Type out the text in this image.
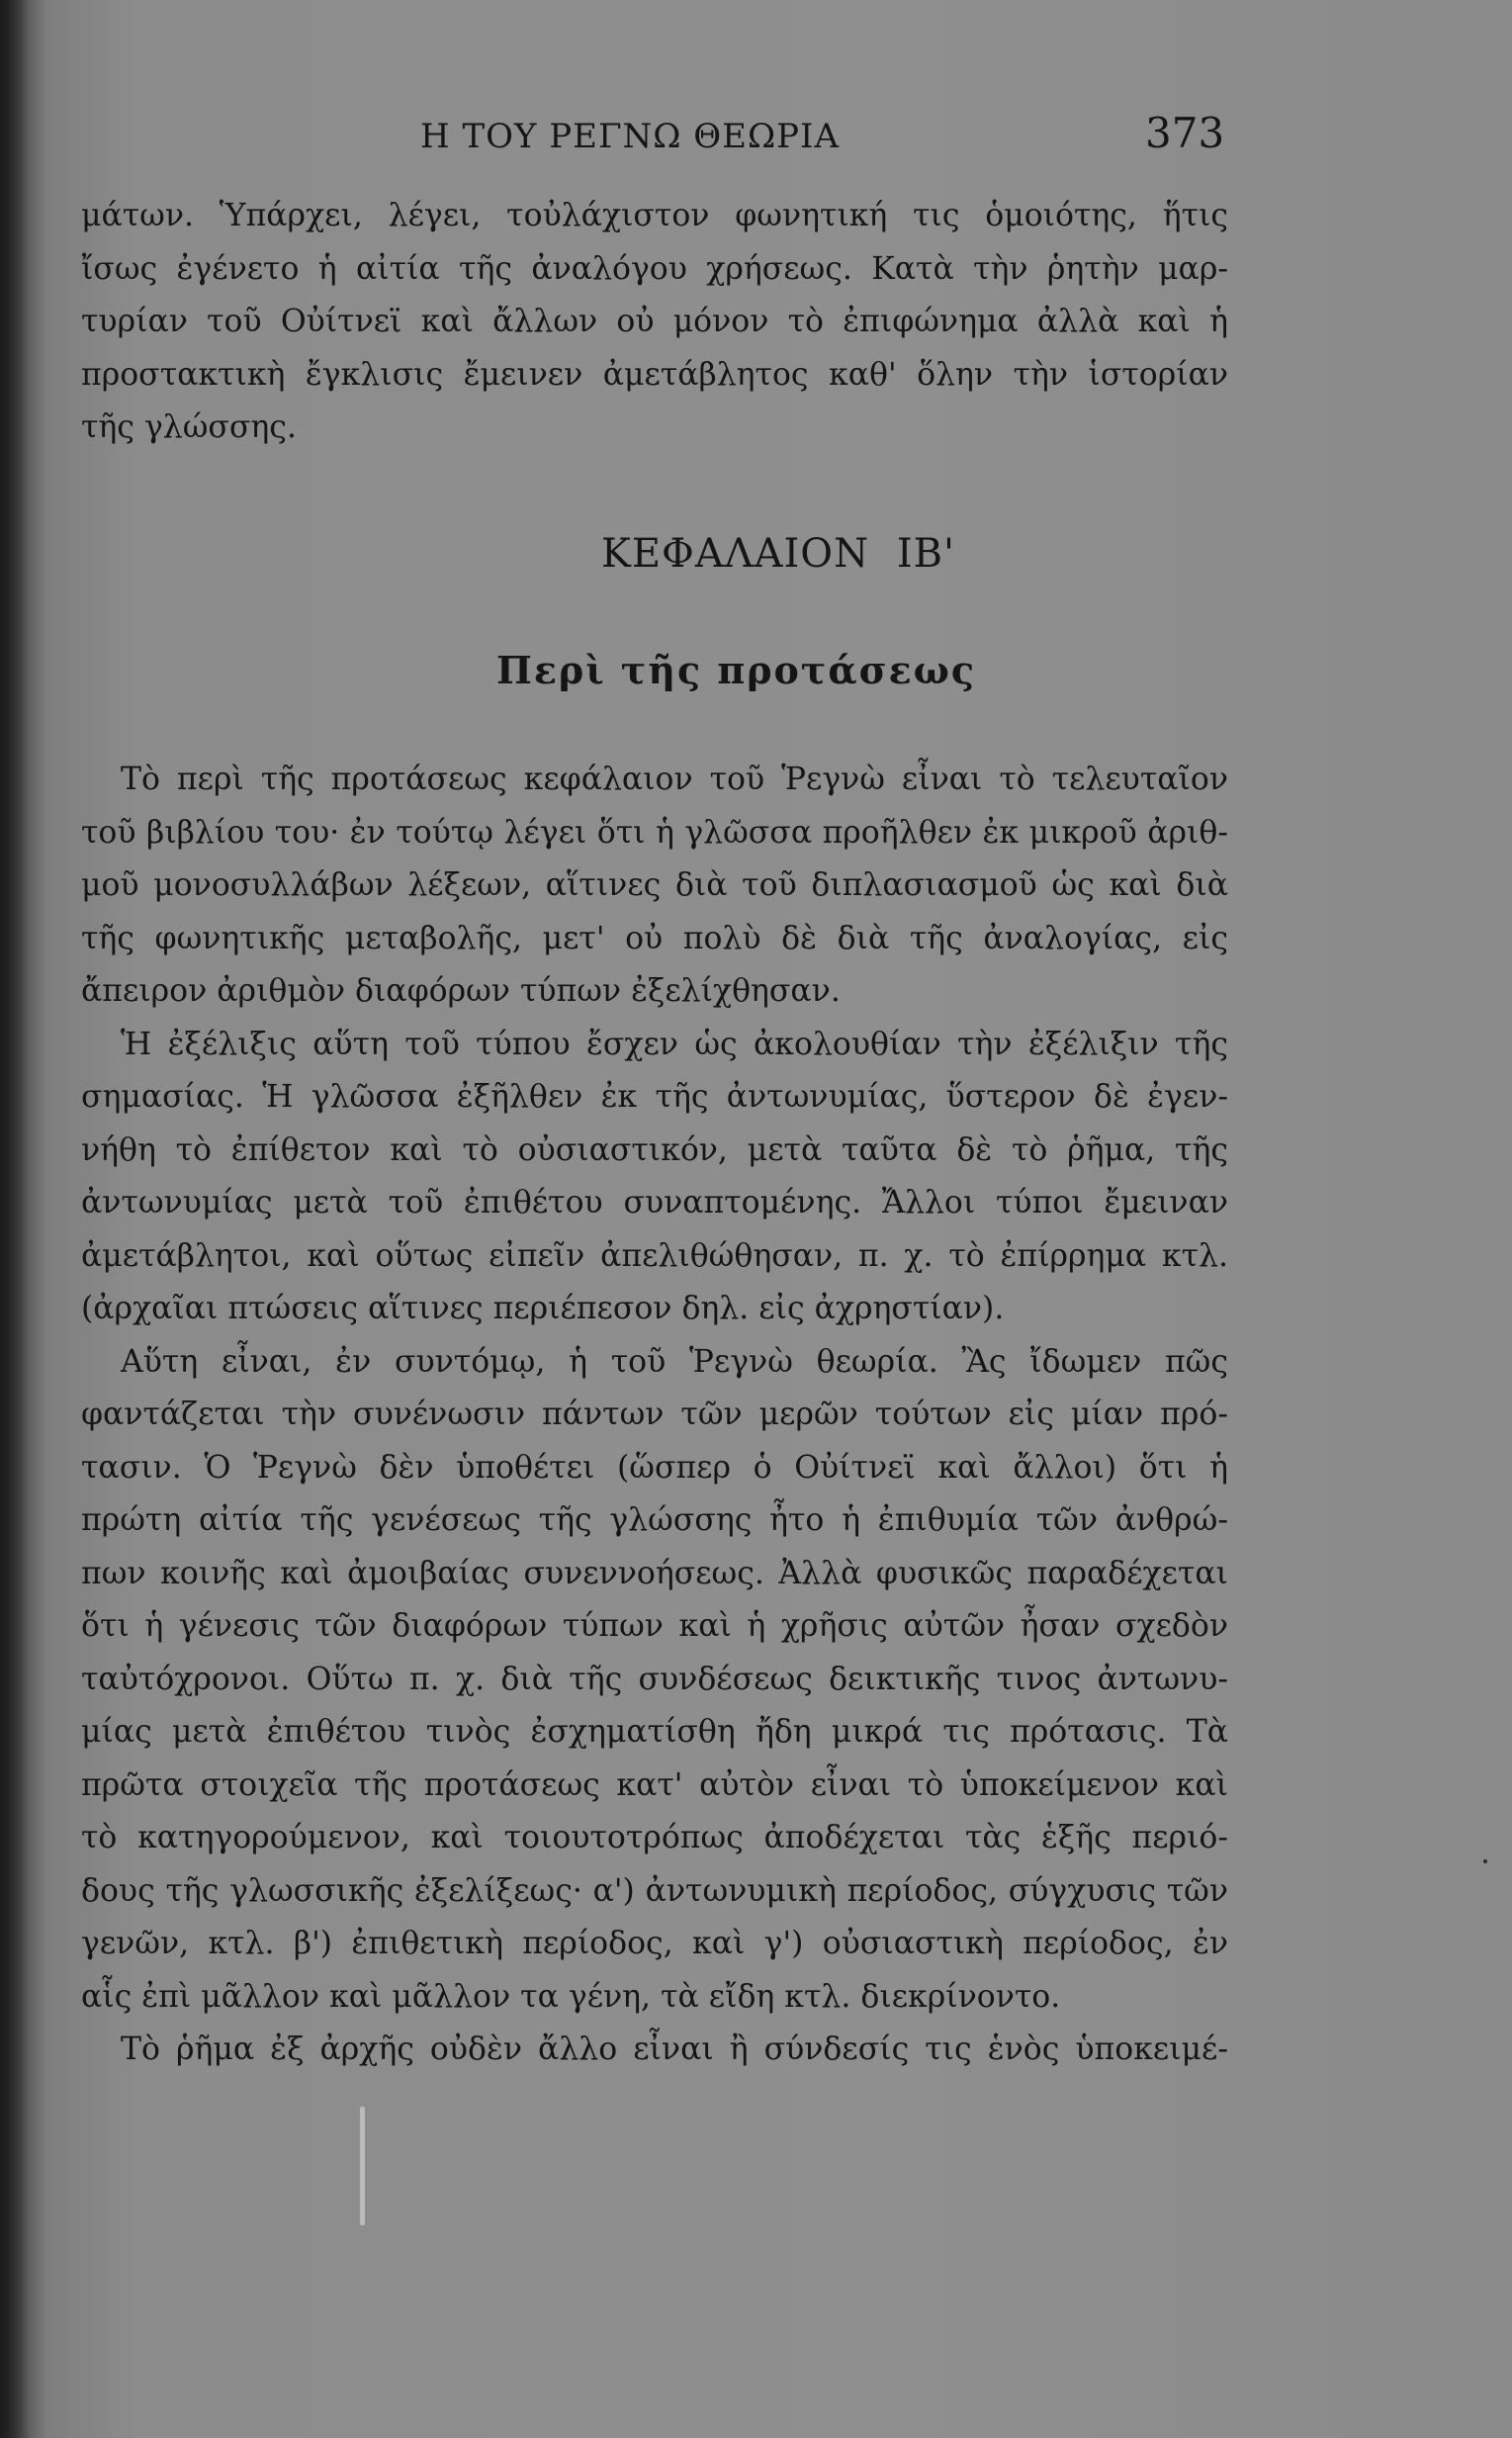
Η ΤΟΥ ΡΕΓΝΩ ΘΕΩΡΙΑ	373

μάτων. Ὑπάρχει, λέγει, τοὐλάχιστον φωνητική τις ὁμοιότης, ἥτις
ἴσως ἐγένετο ἡ αἰτία τῆς ἀναλόγου χρήσεως. Κατὰ τὴν ῥητὴν μαρ-
τυρίαν τοῦ Οὐίτνεϊ καὶ ἄλλων οὐ μόνον τὸ ἐπιφώνημα ἀλλὰ καὶ ἡ
προστακτικὴ ἔγκλισις ἔμεινεν ἀμετάβλητος καθ' ὅλην τὴν ἱστορίαν
τῆς γλώσσης.

ΚΕΦΑΛΑΙΟΝ ΙΒ'
Περὶ τῆς προτάσεως

Τὸ περὶ τῆς προτάσεως κεφάλαιον τοῦ Ῥεγνὼ εἶναι τὸ τελευταῖον
τοῦ βιβλίου του· ἐν τούτῳ λέγει ὅτι ἡ γλῶσσα προῆλθεν ἐκ μικροῦ ἀριθ-
μοῦ μονοσυλλάβων λέξεων, αἵτινες διὰ τοῦ διπλασιασμοῦ ὡς καὶ διὰ
τῆς φωνητικῆς μεταβολῆς, μετ' οὐ πολὺ δὲ διὰ τῆς ἀναλογίας, εἰς
ἄπειρον ἀριθμὸν διαφόρων τύπων ἐξελίχθησαν.

Ἡ ἐξέλιξις αὕτη τοῦ τύπου ἔσχεν ὡς ἀκολουθίαν τὴν ἐξέλιξιν τῆς
σημασίας. Ἡ γλῶσσα ἐξῆλθεν ἐκ τῆς ἀντωνυμίας, ὕστερον δὲ ἐγεν-
νήθη τὸ ἐπίθετον καὶ τὸ οὐσιαστικόν, μετὰ ταῦτα δὲ τὸ ῥῆμα, τῆς
ἀντωνυμίας μετὰ τοῦ ἐπιθέτου συναπτομένης. Ἄλλοι τύποι ἔμειναν
ἀμετάβλητοι, καὶ οὕτως εἰπεῖν ἀπελιθώθησαν, π. χ. τὸ ἐπίρρημα κτλ.
(ἀρχαῖαι πτώσεις αἵτινες περιέπεσον δηλ. εἰς ἀχρηστίαν).

Αὕτη εἶναι, ἐν συντόμῳ, ἡ τοῦ Ῥεγνὼ θεωρία. Ἂς ἴδωμεν πῶς
φαντάζεται τὴν συνένωσιν πάντων τῶν μερῶν τούτων εἰς μίαν πρό-
τασιν. Ὁ Ῥεγνὼ δὲν ὑποθέτει (ὥσπερ ὁ Οὐίτνεϊ καὶ ἄλλοι) ὅτι ἡ
πρώτη αἰτία τῆς γενέσεως τῆς γλώσσης ἦτο ἡ ἐπιθυμία τῶν ἀνθρώ-
πων κοινῆς καὶ ἀμοιβαίας συνεννοήσεως. Ἀλλὰ φυσικῶς παραδέχεται
ὅτι ἡ γένεσις τῶν διαφόρων τύπων καὶ ἡ χρῆσις αὐτῶν ἦσαν σχεδὸν
ταὐτόχρονοι. Οὕτω π. χ. διὰ τῆς συνδέσεως δεικτικῆς τινος ἀντωνυ-
μίας μετὰ ἐπιθέτου τινὸς ἐσχηματίσθη ἤδη μικρά τις πρότασις. Τὰ
πρῶτα στοιχεῖα τῆς προτάσεως κατ' αὐτὸν εἶναι τὸ ὑποκείμενον καὶ
τὸ κατηγορούμενον, καὶ τοιουτοτρόπως ἀποδέχεται τὰς ἑξῆς περιό-
δους τῆς γλωσσικῆς ἐξελίξεως· α') ἀντωνυμικὴ περίοδος, σύγχυσις τῶν
γενῶν, κτλ. β') ἐπιθετικὴ περίοδος, καὶ γ') οὐσιαστικὴ περίοδος, ἐν
αἷς ἐπὶ μᾶλλον καὶ μᾶλλον τα γένη, τὰ εἴδη κτλ. διεκρίνοντο.

Τὸ ῥῆμα ἐξ ἀρχῆς οὐδὲν ἄλλο εἶναι ἢ σύνδεσίς τις ἑνὸς ὑποκειμέ-
